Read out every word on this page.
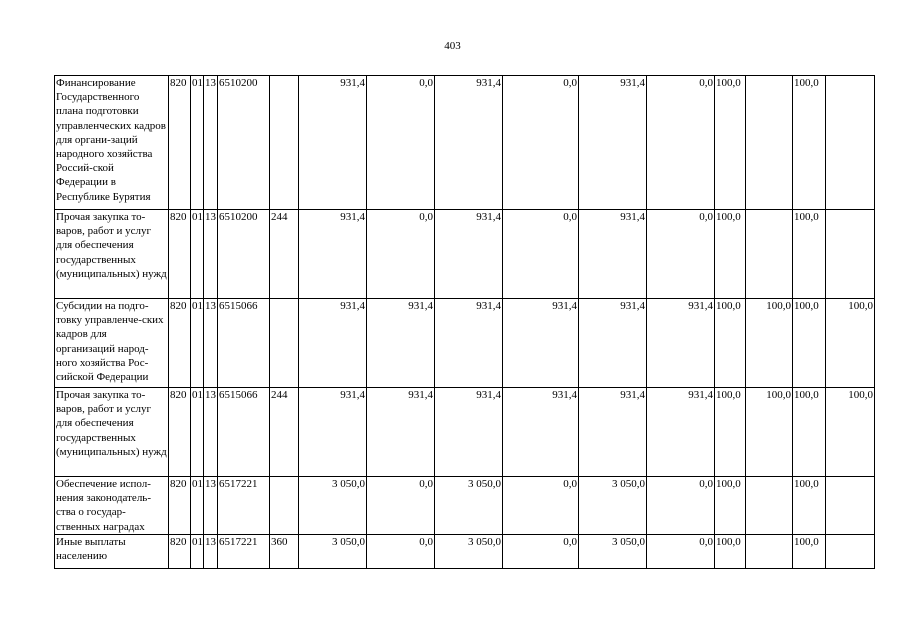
403
Финансирование Государственного плана подготовки управленческих кадров для органи-заций народного хозяйства Россий-ской Федерации в Республике Бурятия	820	01	13	6510200		931,4	0,0	931,4	0,0	931,4	0,0	100,0		100,0	
Прочая закупка то-варов, работ и услуг для обеспечения государственных (муниципальных) нужд	820	01	13	6510200	244	931,4	0,0	931,4	0,0	931,4	0,0	100,0		100,0	
Субсидии на подго-товку управленче-ских кадров для организаций народ-ного хозяйства Рос-сийской Федерации	820	01	13	6515066		931,4	931,4	931,4	931,4	931,4	931,4	100,0	100,0	100,0	100,0
Прочая закупка то-варов, работ и услуг для обеспечения государственных (муниципальных) нужд	820	01	13	6515066	244	931,4	931,4	931,4	931,4	931,4	931,4	100,0	100,0	100,0	100,0
Обеспечение испол-нения законодатель-ства о государ-ственных наградах	820	01	13	6517221		3 050,0	0,0	3 050,0	0,0	3 050,0	0,0	100,0		100,0	
Иные выплаты населению	820	01	13	6517221	360	3 050,0	0,0	3 050,0	0,0	3 050,0	0,0	100,0		100,0	
